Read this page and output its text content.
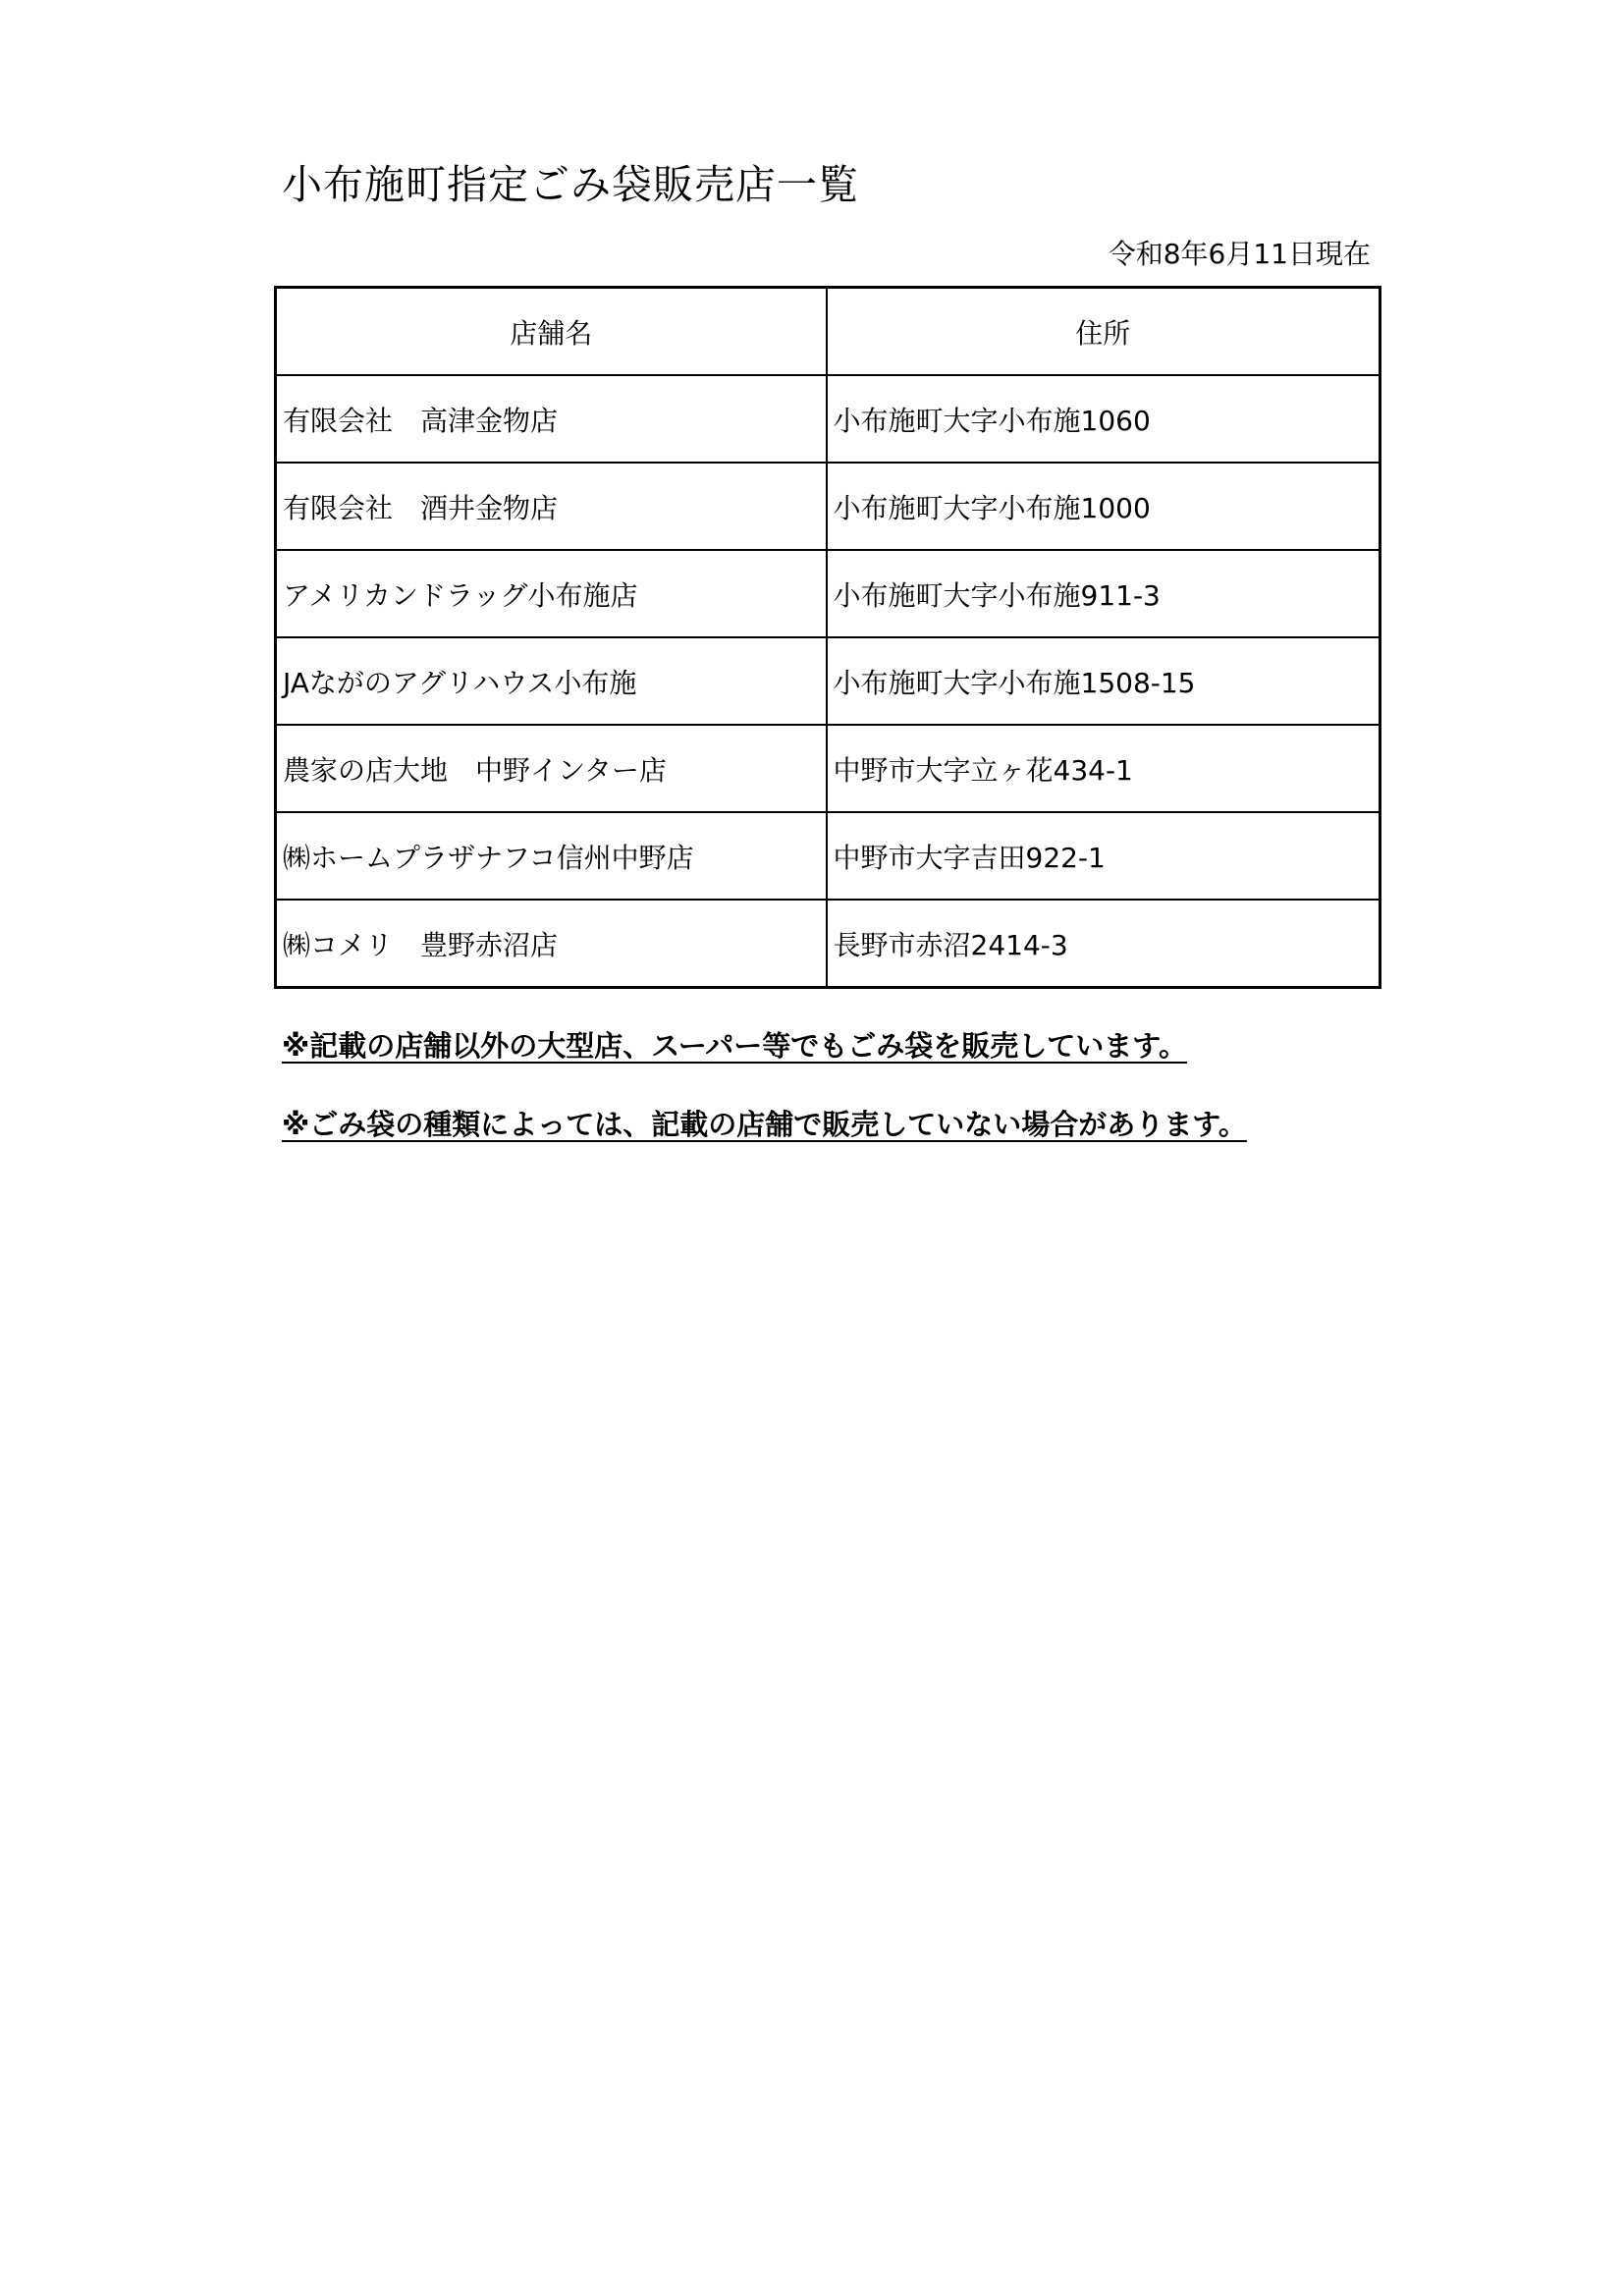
小布施町指定ごみ袋販売店一覧
令和8年6月11日現在
店舗名	住所
有限会社　高津金物店	小布施町大字小布施1060
有限会社　酒井金物店	小布施町大字小布施1000
アメリカンドラッグ小布施店	小布施町大字小布施911-3
JAながのアグリハウス小布施	小布施町大字小布施1508-15
農家の店大地　中野インター店	中野市大字立ヶ花434-1
㈱ホームプラザナフコ信州中野店	中野市大字吉田922-1
㈱コメリ　豊野赤沼店	長野市赤沼2414-3
※記載の店舗以外の大型店、スーパー等でもごみ袋を販売しています。
※ごみ袋の種類によっては、記載の店舗で販売していない場合があります。
